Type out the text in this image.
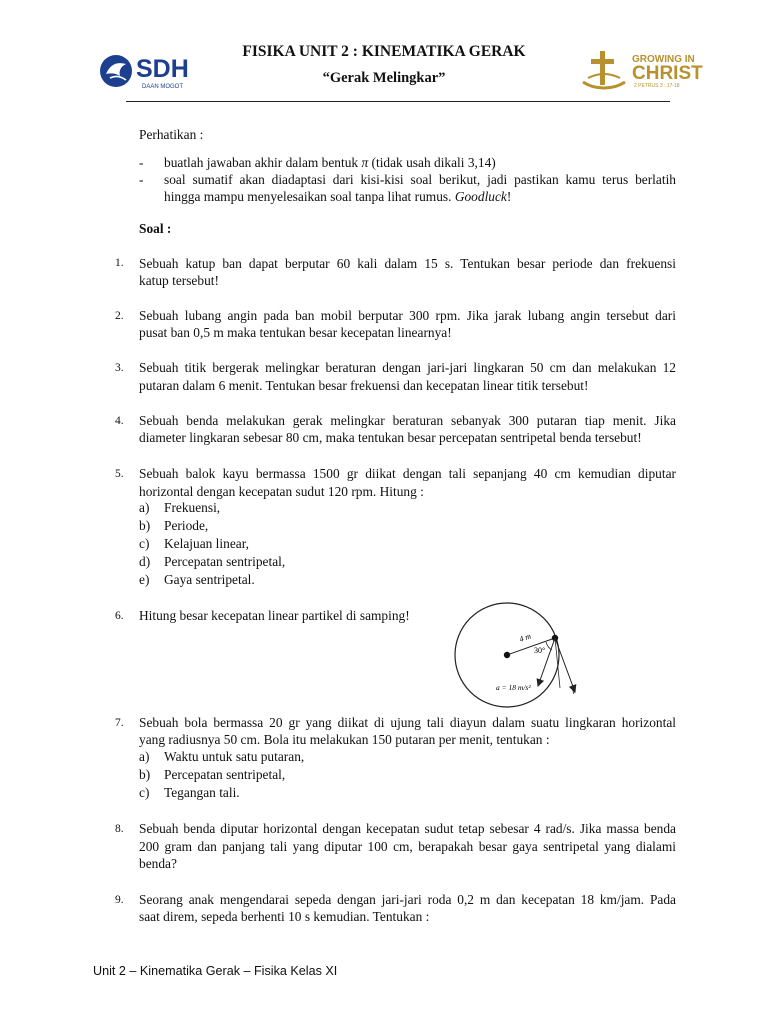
SDH
DAAN MOGOT
FISIKA UNIT 2 : KINEMATIKA GERAK
“Gerak Melingkar”
GROWING IN
CHRIST
2 PETRUS 3 : 17-18
Perhatikan :
- buatlah jawaban akhir dalam bentuk π (tidak usah dikali 3,14)
- soal sumatif akan diadaptasi dari kisi-kisi soal berikut, jadi pastikan kamu terus berlatih
hingga mampu menyelesaikan soal tanpa lihat rumus. Goodluck!
Soal :
1. Sebuah katup ban dapat berputar 60 kali dalam 15 s. Tentukan besar periode dan frekuensi
katup tersebut!
2. Sebuah lubang angin pada ban mobil berputar 300 rpm. Jika jarak lubang angin tersebut dari
pusat ban 0,5 m maka tentukan besar kecepatan linearnya!
3. Sebuah titik bergerak melingkar beraturan dengan jari-jari lingkaran 50 cm dan melakukan 12
putaran dalam 6 menit. Tentukan besar frekuensi dan kecepatan linear titik tersebut!
4. Sebuah benda melakukan gerak melingkar beraturan sebanyak 300 putaran tiap menit. Jika
diameter lingkaran sebesar 80 cm, maka tentukan besar percepatan sentripetal benda tersebut!
5. Sebuah balok kayu bermassa 1500 gr diikat dengan tali sepanjang 40 cm kemudian diputar
horizontal dengan kecepatan sudut 120 rpm. Hitung :
a) Frekuensi,
b) Periode,
c) Kelajuan linear,
d) Percepatan sentripetal,
e) Gaya sentripetal.
6. Hitung besar kecepatan linear partikel di samping!
4 m
30°
a = 18 m/s²	v
7. Sebuah bola bermassa 20 gr yang diikat di ujung tali diayun dalam suatu lingkaran horizontal
yang radiusnya 50 cm. Bola itu melakukan 150 putaran per menit, tentukan :
a) Waktu untuk satu putaran,
b) Percepatan sentripetal,
c) Tegangan tali.
8. Sebuah benda diputar horizontal dengan kecepatan sudut tetap sebesar 4 rad/s. Jika massa benda
200 gram dan panjang tali yang diputar 100 cm, berapakah besar gaya sentripetal yang dialami
benda?
9. Seorang anak mengendarai sepeda dengan jari-jari roda 0,2 m dan kecepatan 18 km/jam. Pada
saat direm, sepeda berhenti 10 s kemudian. Tentukan :
Unit 2 – Kinematika Gerak – Fisika Kelas XI
